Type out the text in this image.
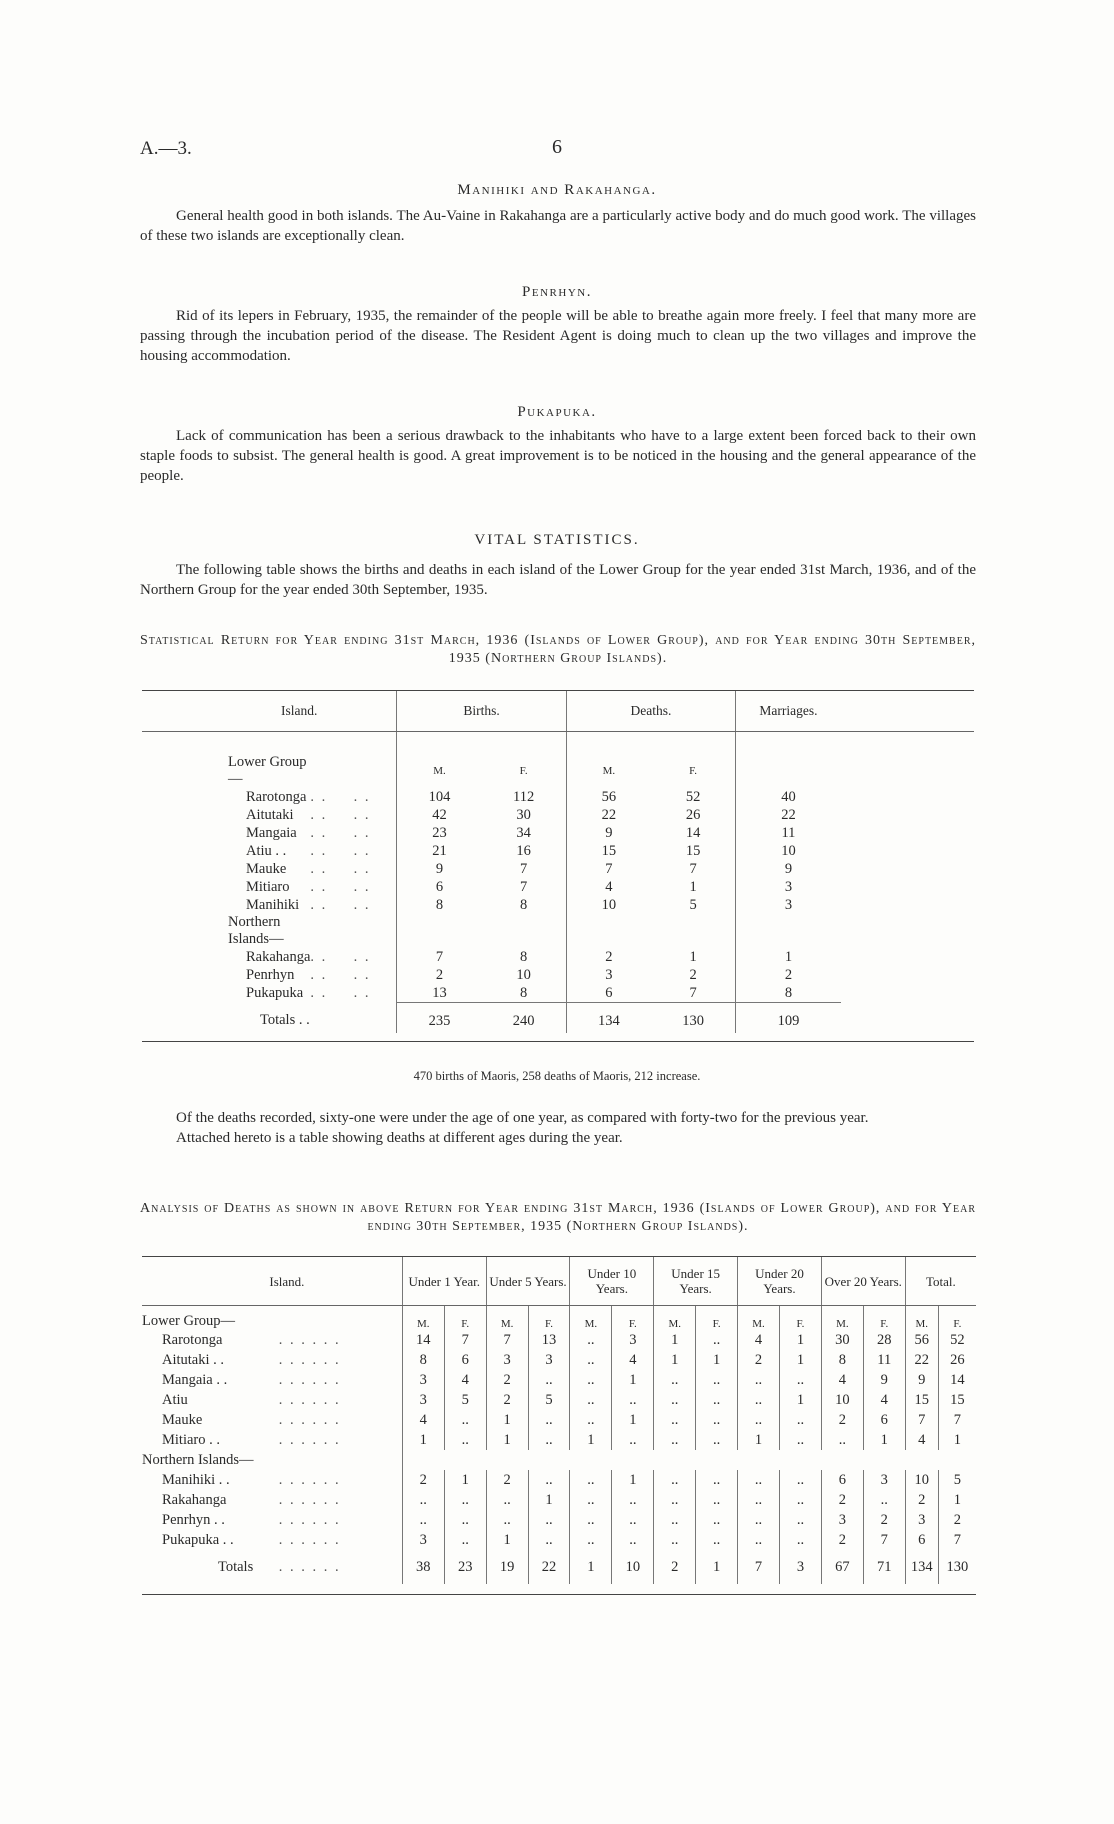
A.—3.	6
Manihiki and Rakahanga.

General health good in both islands. The Au-Vaine in Rakahanga are a particularly active body and do much good work. The villages of these two islands are exceptionally clean.

Penrhyn.

Rid of its lepers in February, 1935, the remainder of the people will be able to breathe again more freely. I feel that many more are passing through the incubation period of the disease. The Resident Agent is doing much to clean up the two villages and improve the housing accommodation.

Pukapuka.

Lack of communication has been a serious drawback to the inhabitants who have to a large extent been forced back to their own staple foods to subsist. The general health is good. A great improvement is to be noticed in the housing and the general appearance of the people.

VITAL STATISTICS.

The following table shows the births and deaths in each island of the Lower Group for the year ended 31st March, 1936, and of the Northern Group for the year ended 30th September, 1935.

Statistical Return for Year ending 31st March, 1936 (Islands of Lower Group), and for Year ending 30th September, 1935 (Northern Group Islands).

Island.			Births.		Deaths.		Marriages.	
Lower Group—			M.	F.	M.	F.		
Rarotonga	. .	. .	104	112	56	52	40	
Aitutaki	. .	. .	42	30	22	26	22	
Mangaia	. .	. .	23	34	9	14	11	
Atiu . .	. .	. .	21	16	15	15	10	
Mauke	. .	. .	9	7	7	7	9	
Mitiaro	. .	. .	6	7	4	1	3	
Manihiki	. .	. .	8	8	10	5	3	
Northern Islands—								
Rakahanga	. .	. .	7	8	2	1	1	
Penrhyn	. .	. .	2	10	3	2	2	
Pukapuka	. .	. .	13	8	6	7	8	
Totals . .			235	240	134	130	109	

470 births of Maoris, 258 deaths of Maoris, 212 increase.

Of the deaths recorded, sixty-one were under the age of one year, as compared with forty-two for the previous year.

Attached hereto is a table showing deaths at different ages during the year.

Analysis of Deaths as shown in above Return for Year ending 31st March, 1936 (Islands of Lower Group), and for Year ending 30th September, 1935 (Northern Group Islands).

Island.		Under 1 Year.		Under 5 Years.		Under 10 Years.		Under 15 Years.		Under 20 Years.		Over 20 Years.		Total.	
Lower Group—		M.	F.	M.	F.	M.	F.	M.	F.	M.	F.	M.	F.	M.	F.
Rarotonga	. . . . . .	14	7	7	13	..	3	1	..	4	1	30	28	56	52
Aitutaki . .	. . . . . .	8	6	3	3	..	4	1	1	2	1	8	11	22	26
Mangaia . .	. . . . . .	3	4	2	..	..	1	..	..	..	..	4	9	9	14
Atiu	. . . . . .	3	5	2	5	..	..	..	..	..	1	10	4	15	15
Mauke	. . . . . .	4	..	1	..	..	1	..	..	..	..	2	6	7	7
Mitiaro . .	. . . . . .	1	..	1	..	1	..	..	..	1	..	..	1	4	1
Northern Islands—															
Manihiki . .	. . . . . .	2	1	2	..	..	1	..	..	..	..	6	3	10	5
Rakahanga	. . . . . .	..	..	..	1	..	..	..	..	..	..	2	..	2	1
Penrhyn . .	. . . . . .	..	..	..	..	..	..	..	..	..	..	3	2	3	2
Pukapuka . .	. . . . . .	3	..	1	..	..	..	..	..	..	..	2	7	6	7
Totals	. . . . . .	38	23	19	22	1	10	2	1	7	3	67	71	134	130
